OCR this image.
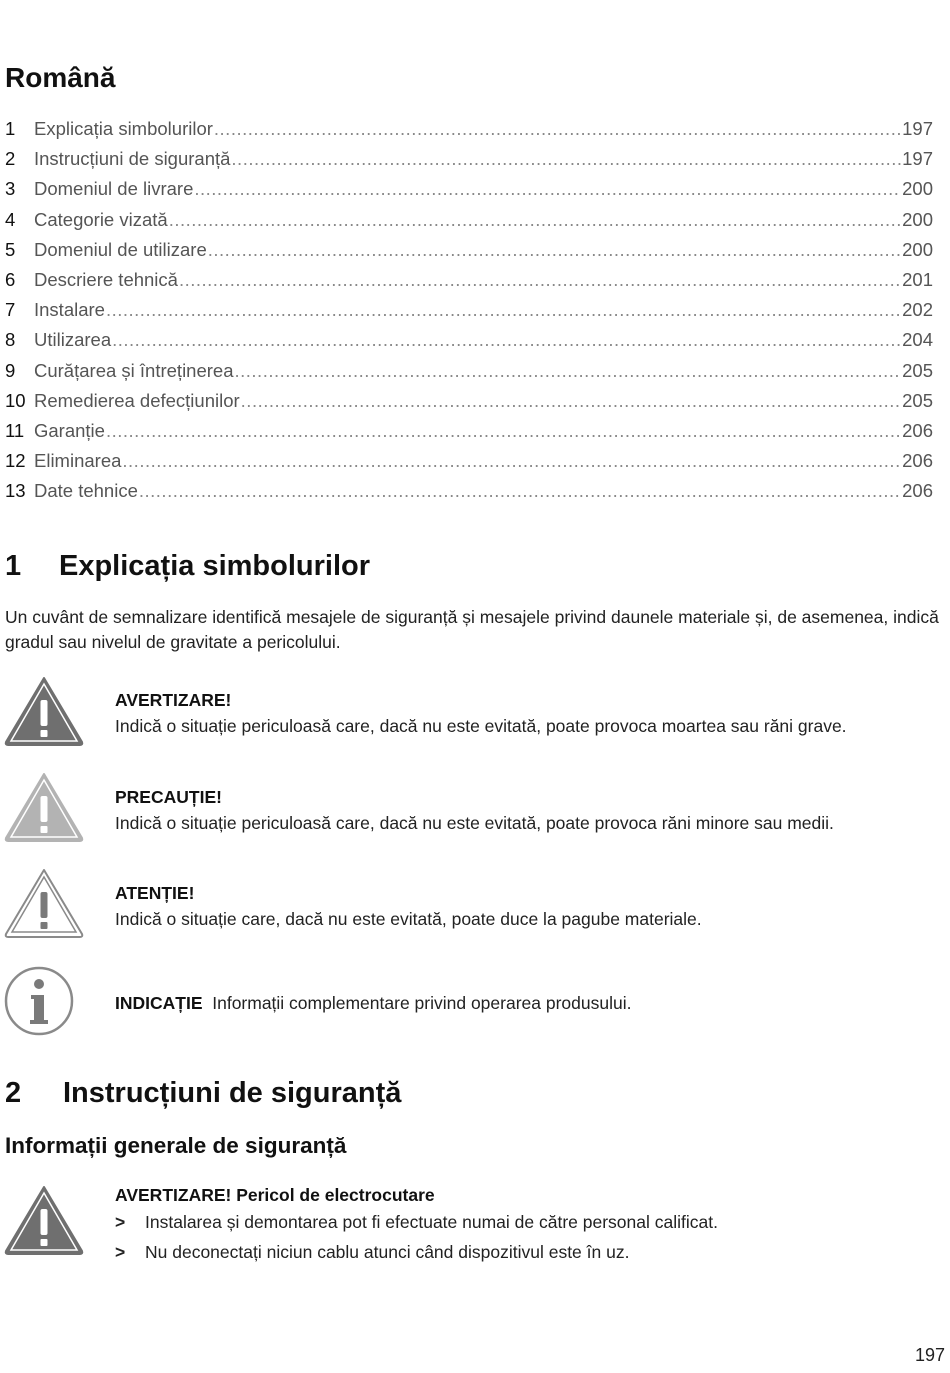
Română
1	Explicația simbolurilor .....	197
2	Instrucțiuni de siguranță .....	197
3	Domeniul de livrare .....	200
4	Categorie vizată .....	200
5	Domeniul de utilizare .....	200
6	Descriere tehnică .....	201
7	Instalare .....	202
8	Utilizarea .....	204
9	Curățarea și întreținerea .....	205
10 Remedierea defecțiunilor .....	205
11 Garanție .....	206
12 Eliminarea .....	206
13 Date tehnice .....	206
1	Explicația simbolurilor
Un cuvânt de semnalizare identifică mesajele de siguranță și mesajele privind daunele materiale și, de asemenea, indică gradul sau nivelul de gravitate a pericolului.
AVERTIZARE!
Indică o situație periculoasă care, dacă nu este evitată, poate provoca moartea sau răni grave.
PRECAUȚIE!
Indică o situație periculoasă care, dacă nu este evitată, poate provoca răni minore sau medii.
ATENȚIE!
Indică o situație care, dacă nu este evitată, poate duce la pagube materiale.
INDICAȚIE Informații complementare privind operarea produsului.
2	Instrucțiuni de siguranță
Informații generale de siguranță
AVERTIZARE! Pericol de electrocutare
>	Instalarea și demontarea pot fi efectuate numai de către personal calificat.
>	Nu deconectați niciun cablu atunci când dispozitivul este în uz.
197
